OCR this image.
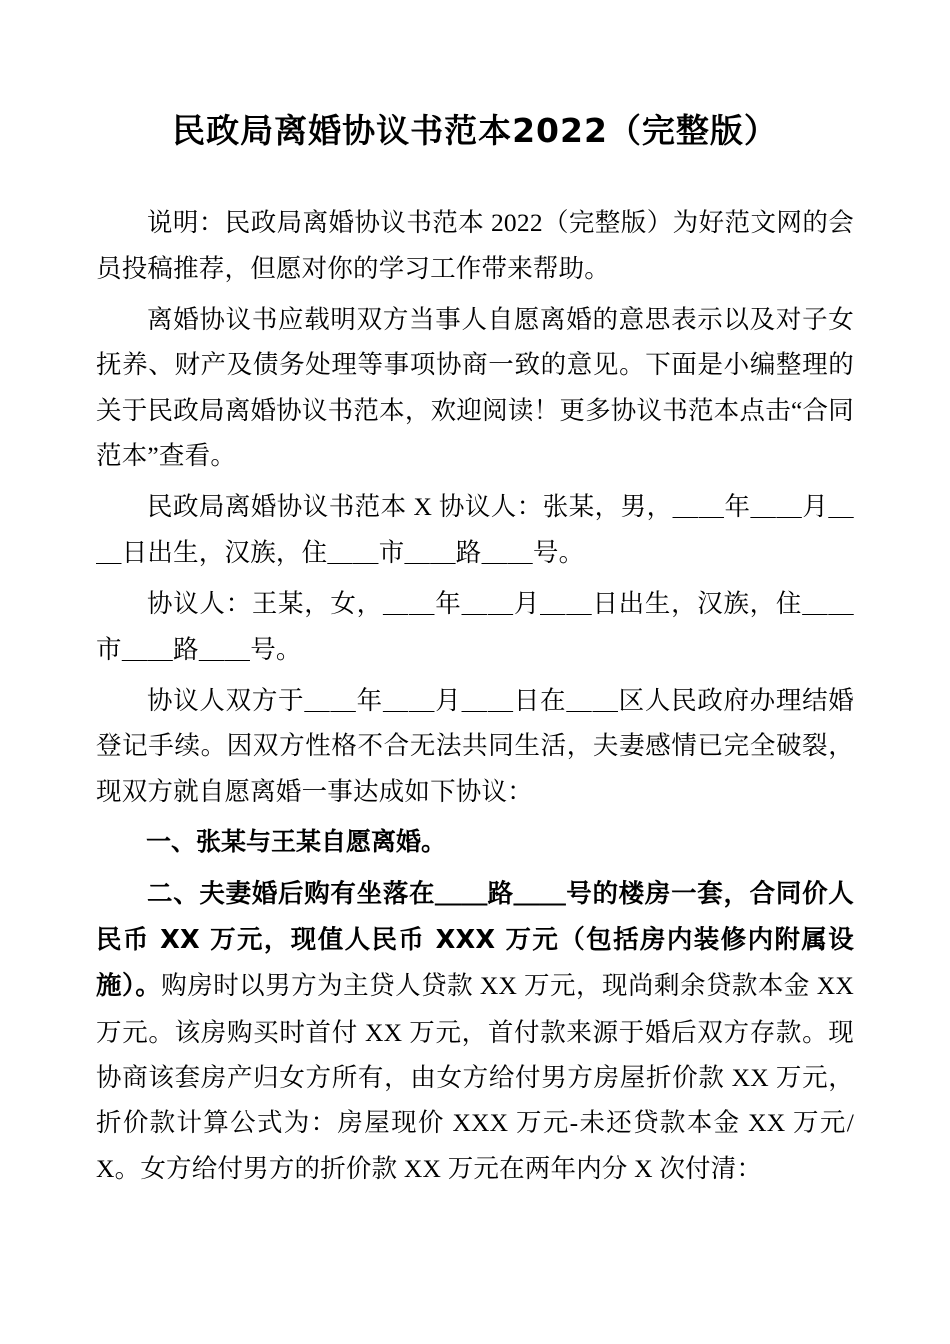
民政局离婚协议书范本2022（完整版）

说明：民政局离婚协议书范本 2022（完整版）为好范文网的会员投稿推荐，但愿对你的学习工作带来帮助。

离婚协议书应载明双方当事人自愿离婚的意思表示以及对子女抚养、财产及债务处理等事项协商一致的意见。下面是小编整理的关于民政局离婚协议书范本，欢迎阅读！更多协议书范本点击“合同范本”查看。

民政局离婚协议书范本 X 协议人：张某，男，＿＿年＿＿月＿＿日出生，汉族，住＿＿市＿＿路＿＿号。

协议人：王某，女，＿＿年＿＿月＿＿日出生，汉族，住＿＿市＿＿路＿＿号。

协议人双方于＿＿年＿＿月＿＿日在＿＿区人民政府办理结婚登记手续。因双方性格不合无法共同生活，夫妻感情已完全破裂，现双方就自愿离婚一事达成如下协议：

一、张某与王某自愿离婚。

二、夫妻婚后购有坐落在＿＿路＿＿号的楼房一套，合同价人民币 XX 万元，现值人民币 XXX 万元（包括房内装修内附属设施）。购房时以男方为主贷人贷款 XX 万元，现尚剩余贷款本金 XX 万元。该房购买时首付 XX 万元，首付款来源于婚后双方存款。现协商该套房产归女方所有，由女方给付男方房屋折价款 XX 万元，折价款计算公式为：房屋现价 XXX 万元-未还贷款本金 XX 万元/X。女方给付男方的折价款 XX 万元在两年内分 X 次付清：
